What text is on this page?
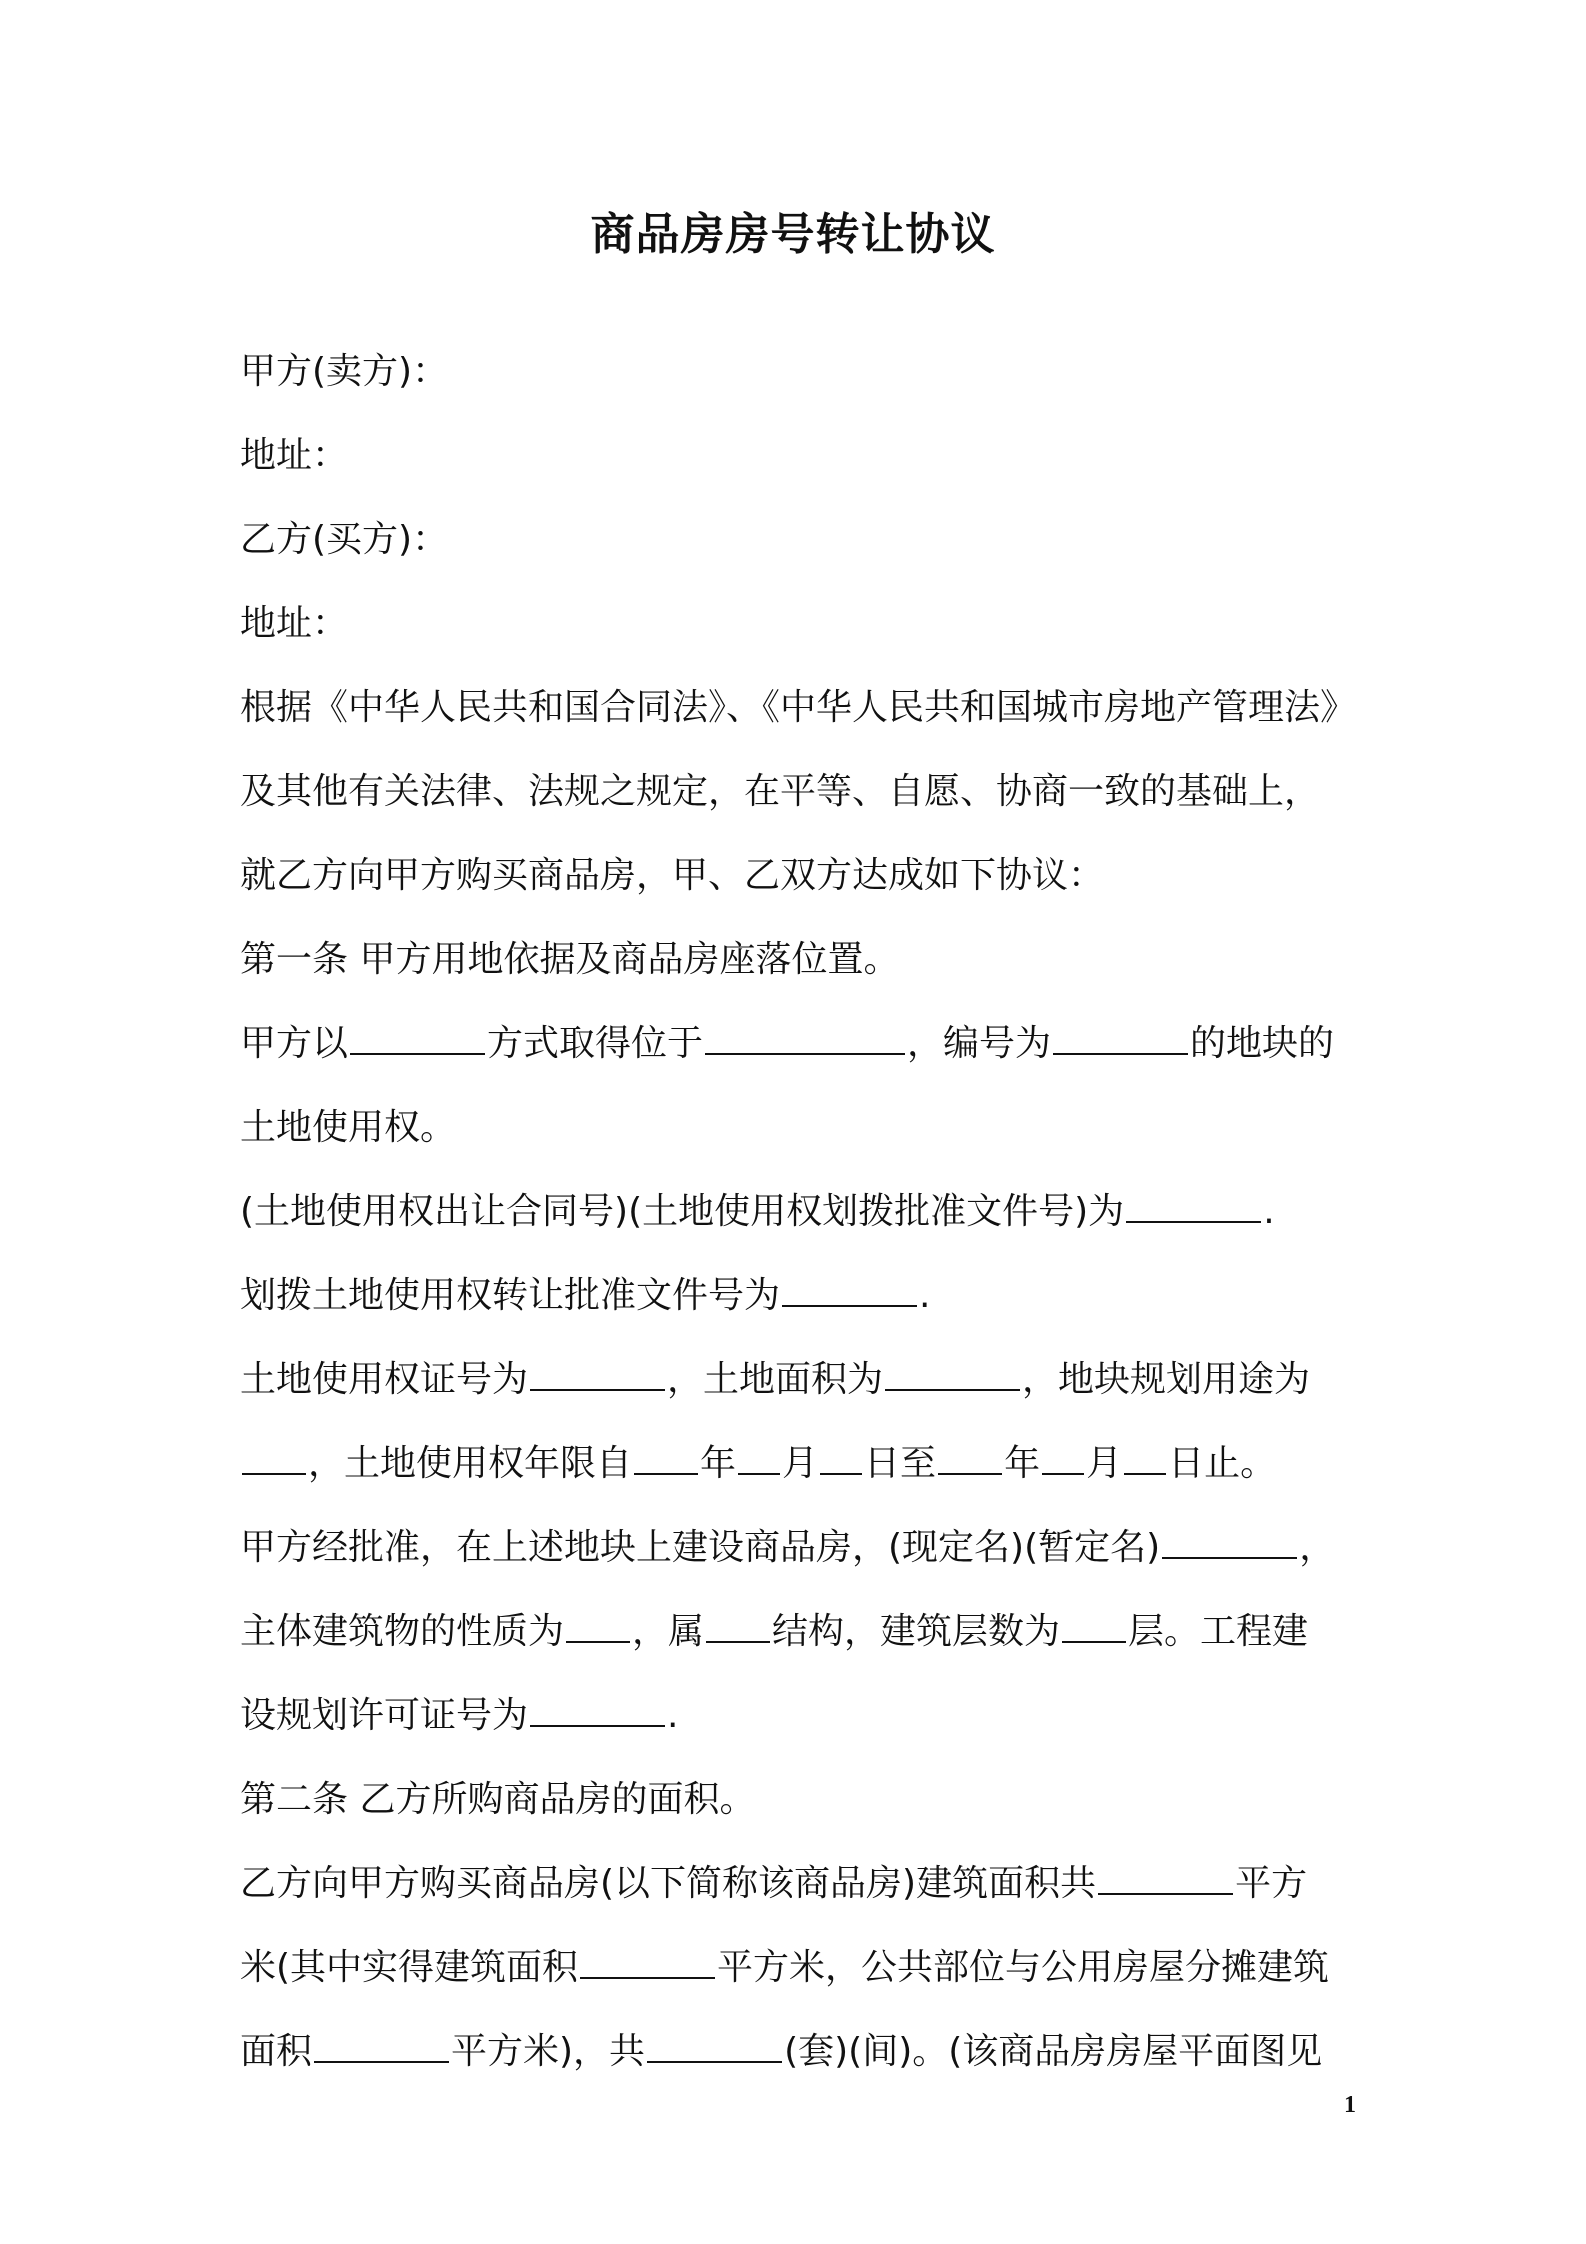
商品房房号转让协议
甲方(卖方)：
地址：
乙方(买方)：
地址：
根据《中华人民共和国合同法》、《中华人民共和国城市房地产管理法》
及其他有关法律、法规之规定，在平等、自愿、协商一致的基础上，
就乙方向甲方购买商品房，甲、乙双方达成如下协议：
第一条 甲方用地依据及商品房座落位置。
甲方以	方式取得位于	，编号为	的地块的
土地使用权。
(土地使用权出让合同号)(土地使用权划拨批准文件号)为	.
划拨土地使用权转让批准文件号为	.
土地使用权证号为	，土地面积为	，地块规划用途为
，土地使用权年限自 年 月 日至 年 月 日止。
甲方经批准，在上述地块上建设商品房，(现定名)(暂定名)	，
主体建筑物的性质为 ，属 结构，建筑层数为 层。工程建
设规划许可证号为	.
第二条 乙方所购商品房的面积。
乙方向甲方购买商品房(以下简称该商品房)建筑面积共	平方
米(其中实得建筑面积	平方米，公共部位与公用房屋分摊建筑
面积	平方米)，共	(套)(间)。(该商品房房屋平面图见
1
